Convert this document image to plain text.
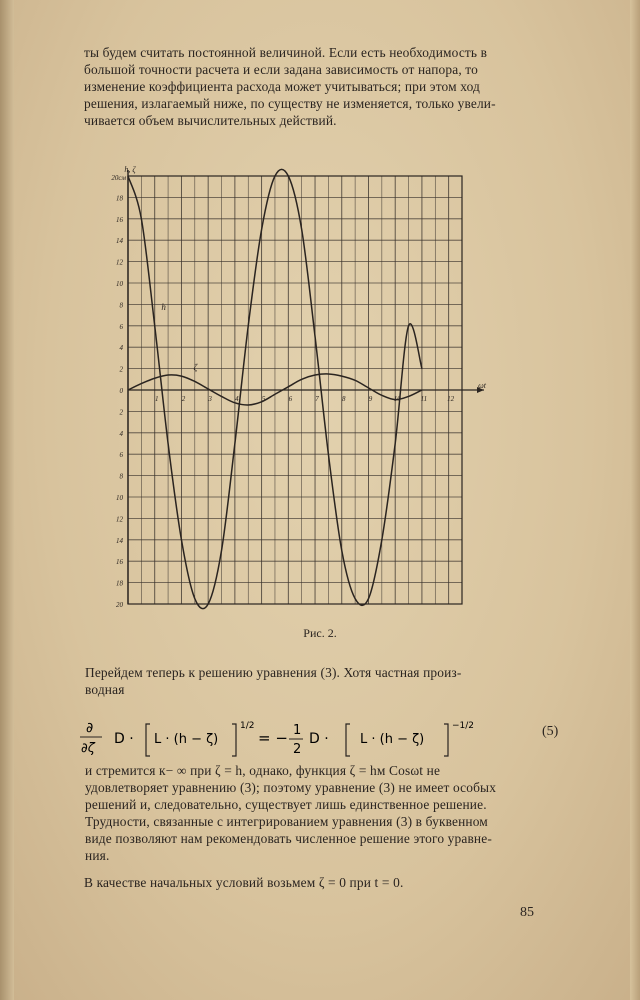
ты будем считать постоянной величиной. Если есть необходимость в
большой точности расчета и если задана зависимость от напора, то
изменение коэффициента расхода может учитываться; при этом ход
решения, излагаемый ниже, по существу не изменяется, только увели-
чивается объем вычислительных действий.
20см
18
16
14
12
10
8
6
4
2
0
2
4
6
8
10
12
14
16
18
20
h, ζ
1	2	3	4	5	6	7	8	9	10	11	12
ωt
h
ζ
Рис. 2.
Перейдем теперь к решению уравнения (3). Хотя частная произ-
водная
∂
∂ζ
D · L · (h − ζ)
1/2
= − 1
2
D · L · (h − ζ)
−1/2	(5)
и стремится к− ∞ при ζ = h, однако, функция ζ = hм Cosωt не
удовлетворяет уравнению (3); поэтому уравнение (3) не имеет особых
решений и, следовательно, существует лишь единственное решение.
Трудности, связанные с интегрированием уравнения (3) в буквенном
виде позволяют нам рекомендовать численное решение этого уравне-
ния.
В качестве начальных условий возьмем ζ = 0 при t = 0.
85
